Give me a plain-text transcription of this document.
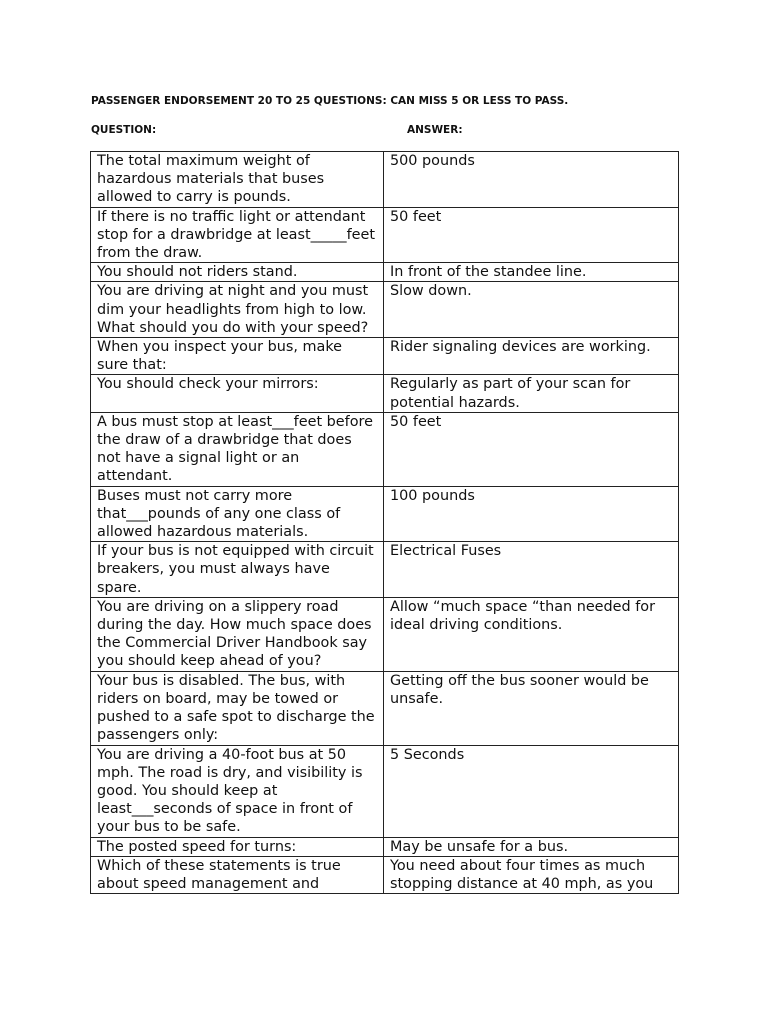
PASSENGER ENDORSEMENT 20 TO 25 QUESTIONS: CAN MISS 5 OR LESS TO PASS.
QUESTION:	ANSWER:
The total maximum weight of hazardous materials that buses allowed to carry is pounds.	500 pounds
If there is no traffic light or attendant stop for a drawbridge at least_____feet from the draw.	50 feet
You should not riders stand.	In front of the standee line.
You are driving at night and you must dim your headlights from high to low. What should you do with your speed?	Slow down.
When you inspect your bus, make sure that:	Rider signaling devices are working.
You should check your mirrors:	Regularly as part of your scan for potential hazards.
A bus must stop at least___feet before the draw of a drawbridge that does not have a signal light or an attendant.	50 feet
Buses must not carry more that___pounds of any one class of allowed hazardous materials.	100 pounds
If your bus is not equipped with circuit breakers, you must always have spare.	Electrical Fuses
You are driving on a slippery road during the day. How much space does the Commercial Driver Handbook say you should keep ahead of you?	Allow “much space “than needed for ideal driving conditions.
Your bus is disabled. The bus, with riders on board, may be towed or pushed to a safe spot to discharge the passengers only:	Getting off the bus sooner would be unsafe.
You are driving a 40-foot bus at 50 mph. The road is dry, and visibility is good. You should keep at least___seconds of space in front of your bus to be safe.	5 Seconds
The posted speed for turns:	May be unsafe for a bus.
Which of these statements is true about speed management and	You need about four times as much stopping distance at 40 mph, as you
